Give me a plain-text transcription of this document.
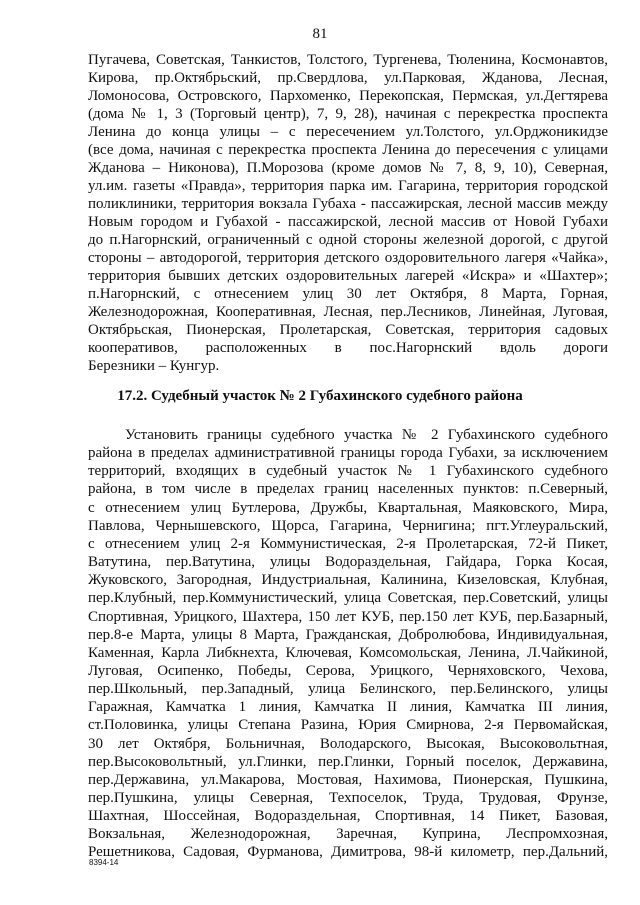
81
Пугачева, Советская, Танкистов, Толстого, Тургенева, Тюленина, Космонавтов,
Кирова, пр.Октябрьский, пр.Свердлова, ул.Парковая, Жданова, Лесная,
Ломоносова, Островского, Пархоменко, Перекопская, Пермская, ул.Дегтярева
(дома № 1, 3 (Торговый центр), 7, 9, 28), начиная с перекрестка проспекта
Ленина до конца улицы – с пересечением ул.Толстого, ул.Орджоникидзе
(все дома, начиная с перекрестка проспекта Ленина до пересечения с улицами
Жданова – Никонова), П.Морозова (кроме домов № 7, 8, 9, 10), Северная,
ул.им. газеты «Правда», территория парка им. Гагарина, территория городской
поликлиники, территория вокзала Губаха - пассажирская, лесной массив между
Новым городом и Губахой - пассажирской, лесной массив от Новой Губахи
до п.Нагорнский, ограниченный с одной стороны железной дорогой, с другой
стороны – автодорогой, территория детского оздоровительного лагеря «Чайка»,
территория бывших детских оздоровительных лагерей «Искра» и «Шахтер»;
п.Нагорнский, с отнесением улиц 30 лет Октября, 8 Марта, Горная,
Железнодорожная, Кооперативная, Лесная, пер.Лесников, Линейная, Луговая,
Октябрьская, Пионерская, Пролетарская, Советская, территория садовых
кооперативов, расположенных в пос.Нагорнский вдоль дороги
Березники – Кунгур.
17.2. Судебный участок № 2 Губахинского судебного района
Установить границы судебного участка № 2 Губахинского судебного
района в пределах административной границы города Губахи, за исключением
территорий, входящих в судебный участок № 1 Губахинского судебного
района, в том числе в пределах границ населенных пунктов: п.Северный,
с отнесением улиц Бутлерова, Дружбы, Квартальная, Маяковского, Мира,
Павлова, Чернышевского, Щорса, Гагарина, Чернигина; пгт.Углеуральский,
с отнесением улиц 2-я Коммунистическая, 2-я Пролетарская, 72-й Пикет,
Ватутина, пер.Ватутина, улицы Водораздельная, Гайдара, Горка Косая,
Жуковского, Загородная, Индустриальная, Калинина, Кизеловская, Клубная,
пер.Клубный, пер.Коммунистический, улица Советская, пер.Советский, улицы
Спортивная, Урицкого, Шахтера, 150 лет КУБ, пер.150 лет КУБ, пер.Базарный,
пер.8-е Марта, улицы 8 Марта, Гражданская, Добролюбова, Индивидуальная,
Каменная, Карла Либкнехта, Ключевая, Комсомольская, Ленина, Л.Чайкиной,
Луговая, Осипенко, Победы, Серова, Урицкого, Черняховского, Чехова,
пер.Школьный, пер.Западный, улица Белинского, пер.Белинского, улицы
Гаражная, Камчатка 1 линия, Камчатка II линия, Камчатка III линия,
ст.Половинка, улицы Степана Разина, Юрия Смирнова, 2-я Первомайская,
30 лет Октября, Больничная, Володарского, Высокая, Высоковольтная,
пер.Высоковольтный, ул.Глинки, пер.Глинки, Горный поселок, Державина,
пер.Державина, ул.Макарова, Мостовая, Нахимова, Пионерская, Пушкина,
пер.Пушкина, улицы Северная, Техпоселок, Труда, Трудовая, Фрунзе,
Шахтная, Шоссейная, Водораздельная, Спортивная, 14 Пикет, Базовая,
Вокзальная, Железнодорожная, Заречная, Куприна, Леспромхозная,
Решетникова, Садовая, Фурманова, Димитрова, 98-й километр, пер.Дальний,
8394-14
